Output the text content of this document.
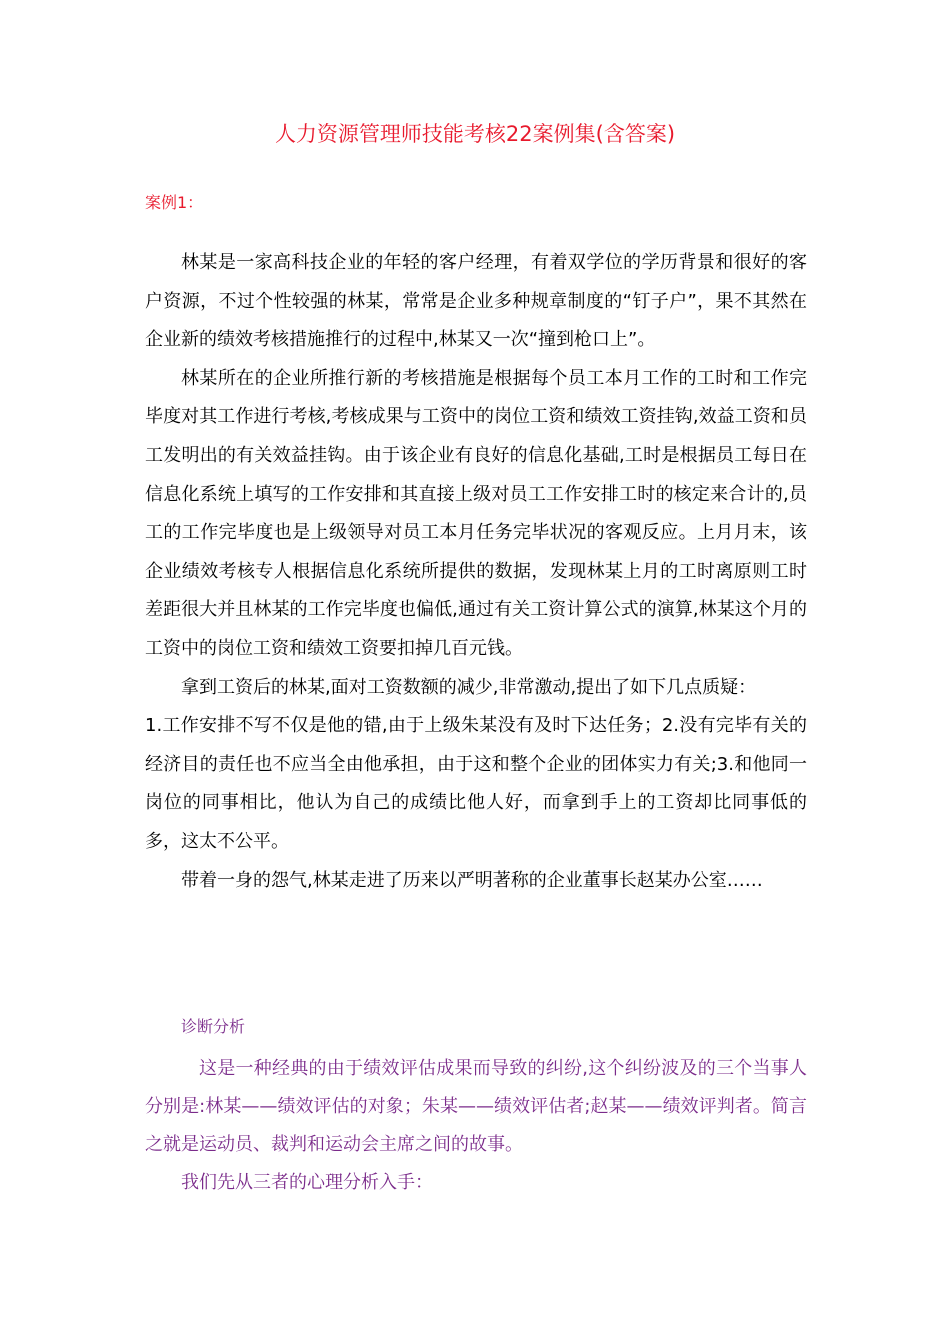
人力资源管理师技能考核22案例集(含答案)
案例1：

林某是一家高科技企业的年轻的客户经理，有着双学位的学历背景和很好的客户资源，不过个性较强的林某，常常是企业多种规章制度的“钉子户”，果不其然在企业新的绩效考核措施推行的过程中,林某又一次“撞到枪口上”。

林某所在的企业所推行新的考核措施是根据每个员工本月工作的工时和工作完毕度对其工作进行考核,考核成果与工资中的岗位工资和绩效工资挂钩,效益工资和员工发明出的有关效益挂钩。由于该企业有良好的信息化基础,工时是根据员工每日在信息化系统上填写的工作安排和其直接上级对员工工作安排工时的核定来合计的,员工的工作完毕度也是上级领导对员工本月任务完毕状况的客观反应。上月月末，该企业绩效考核专人根据信息化系统所提供的数据，发现林某上月的工时离原则工时差距很大并且林某的工作完毕度也偏低,通过有关工资计算公式的演算,林某这个月的工资中的岗位工资和绩效工资要扣掉几百元钱。

拿到工资后的林某,面对工资数额的减少,非常激动,提出了如下几点质疑：

1.工作安排不写不仅是他的错,由于上级朱某没有及时下达任务；2.没有完毕有关的经济目的责任也不应当全由他承担，由于这和整个企业的团体实力有关;3.和他同一岗位的同事相比，他认为自己的成绩比他人好，而拿到手上的工资却比同事低的多，这太不公平。

带着一身的怨气,林某走进了历来以严明著称的企业董事长赵某办公室……

诊断分析

这是一种经典的由于绩效评估成果而导致的纠纷,这个纠纷波及的三个当事人分别是:林某——绩效评估的对象；朱某——绩效评估者;赵某——绩效评判者。简言之就是运动员、裁判和运动会主席之间的故事。

我们先从三者的心理分析入手：
